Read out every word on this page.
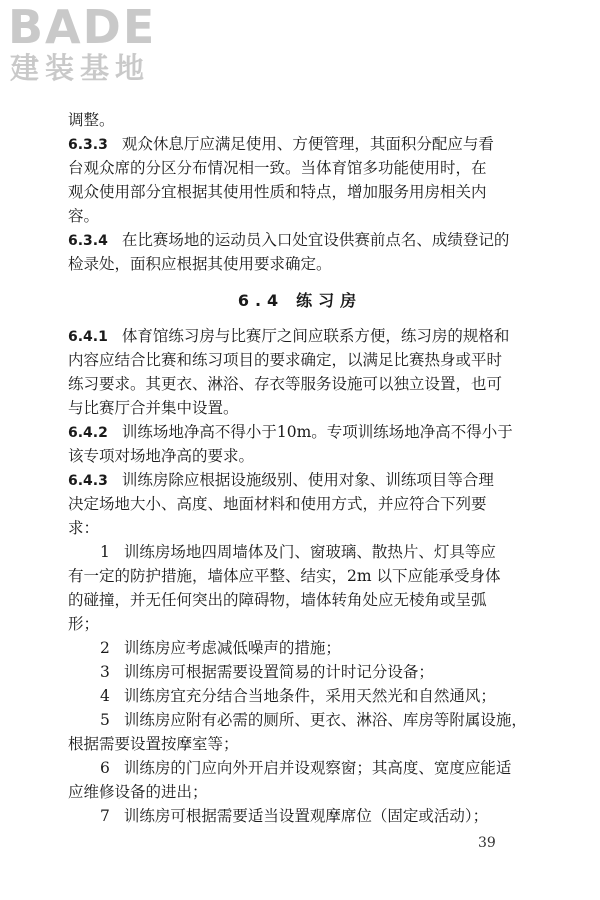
BADE
建装基地
调整。
6.3.3 观众休息厅应满足使用、方便管理，其面积分配应与看
台观众席的分区分布情况相一致。当体育馆多功能使用时，在
观众使用部分宜根据其使用性质和特点，增加服务用房相关内
容。
6.3.4 在比赛场地的运动员入口处宜设供赛前点名、成绩登记的
检录处，面积应根据其使用要求确定。
6.4 练习房
6.4.1 体育馆练习房与比赛厅之间应联系方便，练习房的规格和
内容应结合比赛和练习项目的要求确定，以满足比赛热身或平时
练习要求。其更衣、淋浴、存衣等服务设施可以独立设置，也可
与比赛厅合并集中设置。
6.4.2 训练场地净高不得小于10m。专项训练场地净高不得小于
该专项对场地净高的要求。
6.4.3 训练房除应根据设施级别、使用对象、训练项目等合理
决定场地大小、高度、地面材料和使用方式，并应符合下列要
求：
1 训练房场地四周墙体及门、窗玻璃、散热片、灯具等应
有一定的防护措施，墙体应平整、结实，2m 以下应能承受身体
的碰撞，并无任何突出的障碍物，墙体转角处应无棱角或呈弧
形；
2 训练房应考虑减低噪声的措施；
3 训练房可根据需要设置简易的计时记分设备；
4 训练房宜充分结合当地条件，采用天然光和自然通风；
5 训练房应附有必需的厕所、更衣、淋浴、库房等附属设施，
根据需要设置按摩室等；
6 训练房的门应向外开启并设观察窗；其高度、宽度应能适
应维修设备的进出；
7 训练房可根据需要适当设置观摩席位（固定或活动）；
39
